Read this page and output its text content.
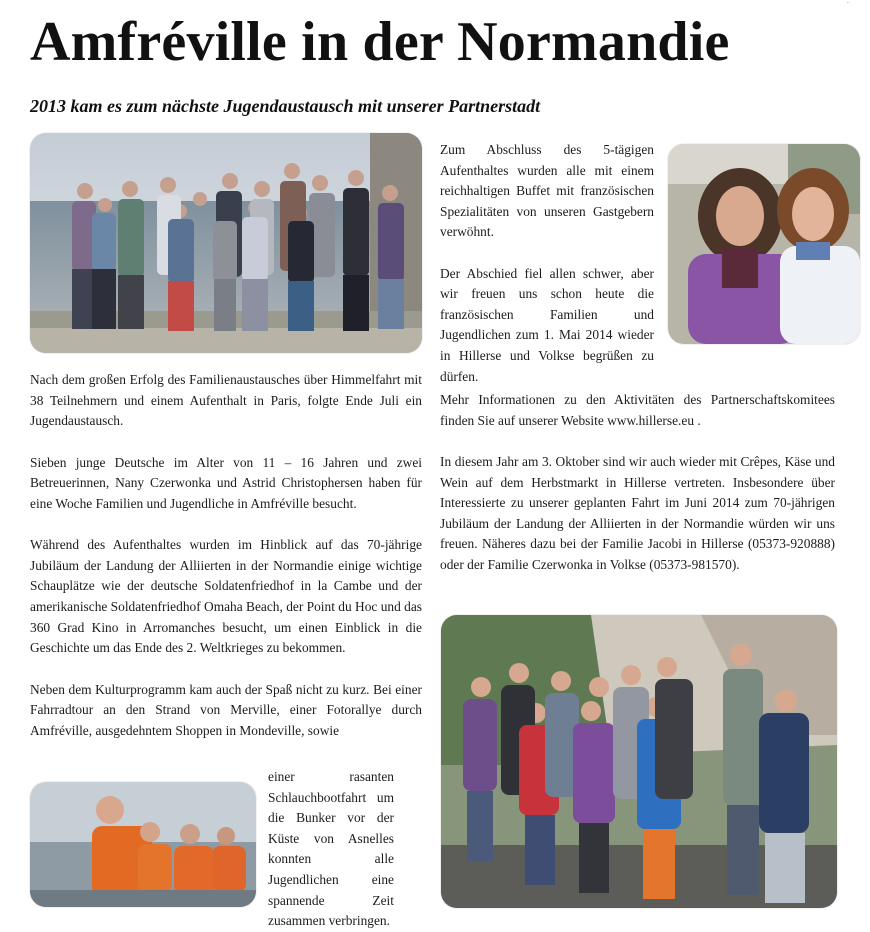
Amfréville in der Normandie
2013 kam es zum nächste Jugendaustausch mit unserer Partnerstadt
¨

Nach dem großen Erfolg des Familienaustausches über Himmelfahrt mit 38 Teilnehmern und einem Aufenthalt in Paris, folgte Ende Juli ein Jugendaustausch.

Sieben junge Deutsche im Alter von 11 – 16 Jahren und zwei Betreuerinnen, Nany Czerwonka und Astrid Christophersen haben für eine Woche Familien und Jugendliche in Amfréville besucht.

Während des Aufenthaltes wurden im Hinblick auf das 70-jährige Jubiläum der Landung der Alliierten in der Normandie einige wichtige Schauplätze wie der deutsche Soldatenfriedhof in la Cambe und der amerikanische Soldatenfriedhof Omaha Beach, der Point du Hoc und das 360 Grad Kino in Arromanches besucht, um einen Einblick in die Geschichte um das Ende des 2. Weltkrieges zu bekommen.

Neben dem Kulturprogramm kam auch der Spaß nicht zu kurz. Bei einer Fahrradtour an den Strand von Merville, einer Fotorallye durch Amfréville, ausgedehntem Shoppen in Mondeville, sowie

einer rasanten Schlauchbootfahrt um die Bunker vor der Küste von Asnelles konnten alle Jugendlichen eine spannende Zeit zusammen verbringen.

Zum Abschluss des 5-tägigen Aufenthaltes wurden alle mit einem reichhaltigen Buffet mit französischen Spezialitäten von unseren Gastgebern verwöhnt.

Der Abschied fiel allen schwer, aber wir freuen uns schon heute die französischen Familien und Jugendlichen zum 1. Mai 2014 wieder in Hillerse und Volkse begrüßen zu dürfen.

Mehr Informationen zu den Aktivitäten des Partnerschaftskomitees finden Sie auf unserer Website www.hillerse.eu .

In diesem Jahr am 3. Oktober sind wir auch wieder mit Crêpes, Käse und Wein auf dem Herbstmarkt in Hillerse vertreten. Insbesondere über Interessierte zu unserer geplanten Fahrt im Juni 2014 zum 70-jährigen Jubiläum der Landung der Alliierten in der Normandie würden wir uns freuen. Näheres dazu bei der Familie Jacobi in Hillerse (05373-920888) oder der Familie Czerwonka in Volkse (05373-981570).
